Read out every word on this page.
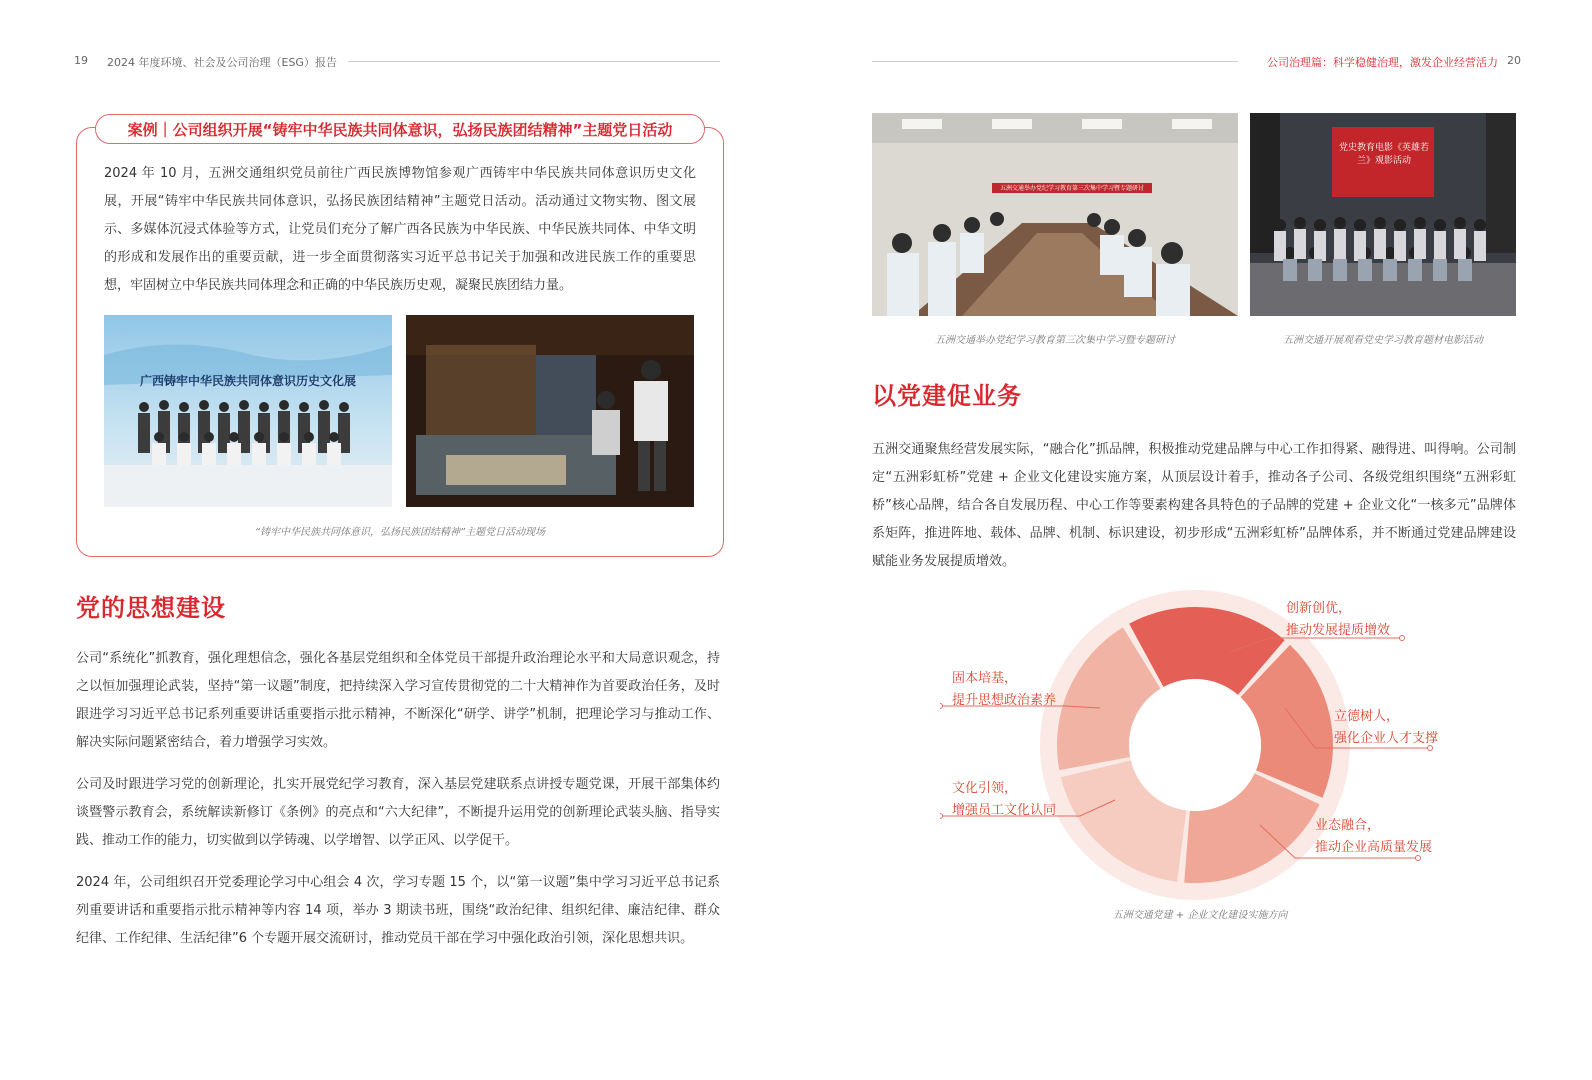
19 2024 年度环境、社会及公司治理（ESG）报告	公司治理篇：科学稳健治理，激发企业经营活力 20
案例｜公司组织开展“铸牢中华民族共同体意识，弘扬民族团结精神”主题党日活动
2024 年 10 月，五洲交通组织党员前往广西民族博物馆参观广西铸牢中华民族共同体意识历史文化展，开展“铸牢中华民族共同体意识，弘扬民族团结精神”主题党日活动。活动通过文物实物、图文展示、多媒体沉浸式体验等方式，让党员们充分了解广西各民族为中华民族、中华民族共同体、中华文明的形成和发展作出的重要贡献，进一步全面贯彻落实习近平总书记关于加强和改进民族工作的重要思想，牢固树立中华民族共同体理念和正确的中华民族历史观，凝聚民族团结力量。
广西铸牢中华民族共同体意识历史文化展
“铸牢中华民族共同体意识，弘扬民族团结精神”主题党日活动现场
党的思想建设
公司“系统化”抓教育，强化理想信念，强化各基层党组织和全体党员干部提升政治理论水平和大局意识观念，持之以恒加强理论武装，坚持“第一议题”制度，把持续深入学习宣传贯彻党的二十大精神作为首要政治任务，及时跟进学习习近平总书记系列重要讲话重要指示批示精神，不断深化“研学、讲学”机制，把理论学习与推动工作、解决实际问题紧密结合，着力增强学习实效。
公司及时跟进学习党的创新理论，扎实开展党纪学习教育，深入基层党建联系点讲授专题党课，开展干部集体约谈暨警示教育会，系统解读新修订《条例》的亮点和“六大纪律”，不断提升运用党的创新理论武装头脑、指导实践、推动工作的能力，切实做到以学铸魂、以学增智、以学正风、以学促干。
2024 年，公司组织召开党委理论学习中心组会 4 次，学习专题 15 个，以“第一议题”集中学习习近平总书记系列重要讲话和重要指示批示精神等内容 14 项，举办 3 期读书班，围绕“政治纪律、组织纪律、廉洁纪律、群众纪律、工作纪律、生活纪律”6 个专题开展交流研讨，推动党员干部在学习中强化政治引领，深化思想共识。
五洲交通举办党纪学习教育第三次集中学习暨专题研讨
党史教育电影《英雄若兰》观影活动
五洲交通举办党纪学习教育第三次集中学习暨专题研讨	五洲交通开展观看党史学习教育题材电影活动
以党建促业务
五洲交通聚焦经营发展实际，“融合化”抓品牌，积极推动党建品牌与中心工作扣得紧、融得进、叫得响。公司制定“五洲彩虹桥”党建 + 企业文化建设实施方案，从顶层设计着手，推动各子公司、各级党组织围绕“五洲彩虹桥”核心品牌，结合各自发展历程、中心工作等要素构建各具特色的子品牌的党建 + 企业文化“一核多元”品牌体系矩阵，推进阵地、载体、品牌、机制、标识建设，初步形成“五洲彩虹桥”品牌体系，并不断通过党建品牌建设赋能业务发展提质增效。
创新创优，
推动发展提质增效
立德树人，
强化企业人才支撑
业态融合，
推动企业高质量发展
文化引领，
增强员工文化认同
固本培基，
提升思想政治素养
五洲交通党建 + 企业文化建设实施方向
